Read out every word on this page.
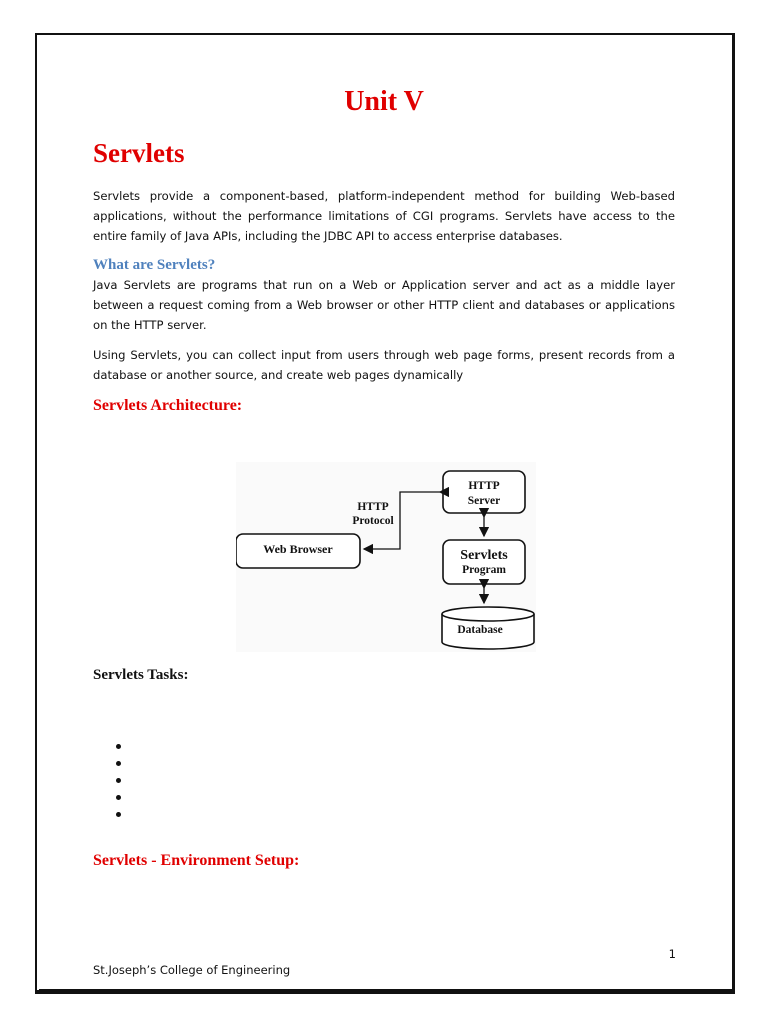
Unit V
Servlets

Servlets provide a component-based, platform-independent method for building Web-based applications, without the performance limitations of CGI programs. Servlets have access to the entire family of Java APIs, including the JDBC API to access enterprise databases.

What are Servlets?

Java Servlets are programs that run on a Web or Application server and act as a middle layer between a request coming from a Web browser or other HTTP client and databases or applications on the HTTP server.

Using Servlets, you can collect input from users through web page forms, present records from a database or another source, and create web pages dynamically

Servlets Architecture:
Web Browser
HTTP
Protocol
HTTP
Server
Servlets
Program
Database
Servlets Tasks:
Servlets - Environment Setup:
1
St.Joseph’s College of Engineering
